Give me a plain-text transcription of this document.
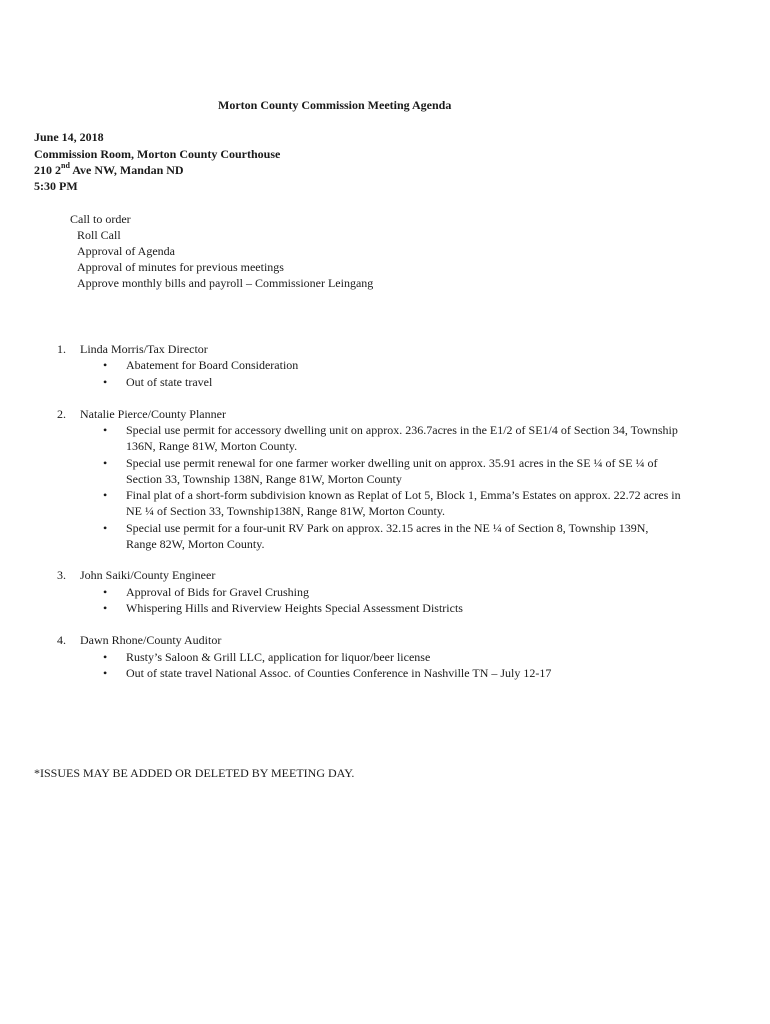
Morton County Commission Meeting Agenda
June 14, 2018
Commission Room, Morton County Courthouse
210 2nd Ave NW, Mandan ND
5:30 PM
Call to order
Roll Call
Approval of Agenda
Approval of minutes for previous meetings
Approve monthly bills and payroll – Commissioner Leingang
1.	Linda Morris/Tax Director
• Abatement for Board Consideration
• Out of state travel
2.	Natalie Pierce/County Planner
• Special use permit for accessory dwelling unit on approx. 236.7acres in the E1/2 of SE1/4 of Section 34, Township
136N, Range 81W, Morton County.
• Special use permit renewal for one farmer worker dwelling unit on approx. 35.91 acres in the SE ¼ of SE ¼ of
Section 33, Township 138N, Range 81W, Morton County
• Final plat of a short-form subdivision known as Replat of Lot 5, Block 1, Emma’s Estates on approx. 22.72 acres in
NE ¼ of Section 33, Township138N, Range 81W, Morton County.
• Special use permit for a four-unit RV Park on approx. 32.15 acres in the NE ¼ of Section 8, Township 139N,
Range 82W, Morton County.
3.	John Saiki/County Engineer
• Approval of Bids for Gravel Crushing
• Whispering Hills and Riverview Heights Special Assessment Districts
4.	Dawn Rhone/County Auditor
• Rusty’s Saloon & Grill LLC, application for liquor/beer license
• Out of state travel National Assoc. of Counties Conference in Nashville TN – July 12-17
*ISSUES MAY BE ADDED OR DELETED BY MEETING DAY.
